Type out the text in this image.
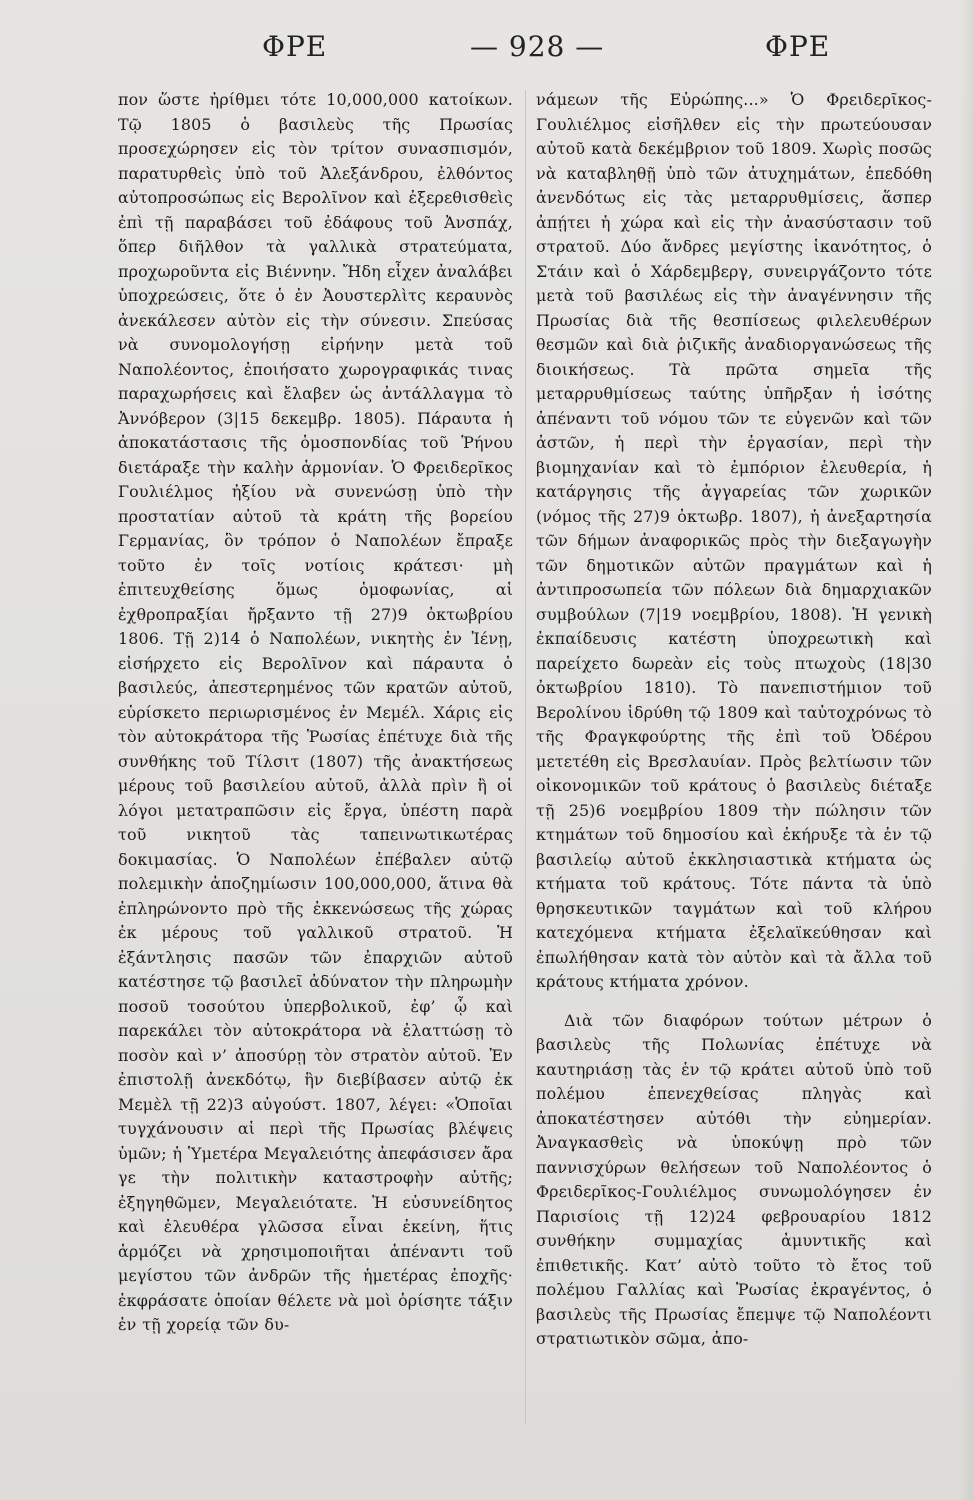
ΦΡΕ	— 928 —	ΦΡΕ

πον ὥστε ἠρίθμει τότε 10,000,000 κατοίκων. Τῷ 1805 ὁ βασιλεὺς τῆς Πρωσίας προσεχώρησεν εἰς τὸν τρίτον συνασπισμόν, παρατυρθεὶς ὑπὸ τοῦ Ἀλεξάνδρου, ἐλθόντος αὐτοπροσώπως εἰς Βερολῖνον καὶ ἐξερεθισθεὶς ἐπὶ τῇ παραβάσει τοῦ ἐδάφους τοῦ Ἀνσπάχ, ὅπερ διῆλθον τὰ γαλλικὰ στρατεύματα, προχωροῦντα εἰς Βιέννην. Ἤδη εἶχεν ἀναλάβει ὑποχρεώσεις, ὅτε ὁ ἐν Ἀουστερλὶτς κεραυνὸς ἀνεκάλεσεν αὐτὸν εἰς τὴν σύνεσιν. Σπεύσας νὰ συνομολογήσῃ εἰρήνην μετὰ τοῦ Ναπολέοντος, ἐποιήσατο χωρογραφικάς τινας παραχωρήσεις καὶ ἔλαβεν ὡς ἀντάλλαγμα τὸ Ἀννόβερον (3|15 δεκεμβρ. 1805). Πάραυτα ἡ ἀποκατάστασις τῆς ὁμοσπονδίας τοῦ Ῥήνου διετάραξε τὴν καλὴν ἁρμονίαν. Ὁ Φρειδερῖκος Γουλιέλμος ἠξίου νὰ συνενώσῃ ὑπὸ τὴν προστατίαν αὐτοῦ τὰ κράτη τῆς βορείου Γερμανίας, ὃν τρόπον ὁ Ναπολέων ἔπραξε τοῦτο ἐν τοῖς νοτίοις κράτεσι· μὴ ἐπιτευχθείσης ὅμως ὁμοφωνίας, αἱ ἐχθροπραξίαι ἤρξαντο τῇ 27)9 ὀκτωβρίου 1806. Τῇ 2)14 ὁ Ναπολέων, νικητὴς ἐν Ἰένῃ, εἰσήρχετο εἰς Βερολῖνον καὶ πάραυτα ὁ βασιλεύς, ἀπεστερημένος τῶν κρατῶν αὐτοῦ, εὑρίσκετο περιωρισμένος ἐν Μεμέλ. Χάρις εἰς τὸν αὐτοκράτορα τῆς Ῥωσίας ἐπέτυχε διὰ τῆς συνθήκης τοῦ Τίλσιτ (1807) τῆς ἀνακτήσεως μέρους τοῦ βασιλείου αὐτοῦ, ἀλλὰ πρὶν ἢ οἱ λόγοι μετατραπῶσιν εἰς ἔργα, ὑπέστη παρὰ τοῦ νικητοῦ τὰς ταπεινωτικωτέρας δοκιμασίας. Ὁ Ναπολέων ἐπέβαλεν αὐτῷ πολεμικὴν ἀποζημίωσιν 100,000,000, ἅτινα θὰ ἐπληρώνοντο πρὸ τῆς ἐκκενώσεως τῆς χώρας ἐκ μέρους τοῦ γαλλικοῦ στρατοῦ. Ἡ ἐξάντλησις πασῶν τῶν ἐπαρχιῶν αὐτοῦ κατέστησε τῷ βασιλεῖ ἀδύνατον τὴν πληρωμὴν ποσοῦ τοσούτου ὑπερβολικοῦ, ἐφ’ ᾧ καὶ παρεκάλει τὸν αὐτοκράτορα νὰ ἐλαττώσῃ τὸ ποσὸν καὶ ν’ ἀποσύρῃ τὸν στρατὸν αὐτοῦ. Ἐν ἐπιστολῇ ἀνεκδότῳ, ἣν διεβίβασεν αὐτῷ ἐκ Μεμὲλ τῇ 22)3 αὐγούστ. 1807, λέγει: «Ὁποῖαι τυγχάνουσιν αἱ περὶ τῆς Πρωσίας βλέψεις ὑμῶν; ἡ Ὑμετέρα Μεγαλειότης ἀπεφάσισεν ἄρα γε τὴν πολιτικὴν καταστροφὴν αὐτῆς; ἐξηγηθῶμεν, Μεγαλειότατε. Ἡ εὐσυνείδητος καὶ ἐλευθέρα γλῶσσα εἶναι ἐκείνη, ἥτις ἁρμόζει νὰ χρησιμοποιῆται ἀπέναντι τοῦ μεγίστου τῶν ἀνδρῶν τῆς ἡμετέρας ἐποχῆς· ἐκφράσατε ὁποίαν θέλετε νὰ μοὶ ὁρίσητε τάξιν ἐν τῇ χορείᾳ τῶν δυ-

νάμεων τῆς Εὐρώπης...» Ὁ Φρειδερῖκος-Γουλιέλμος εἰσῆλθεν εἰς τὴν πρωτεύουσαν αὐτοῦ κατὰ δεκέμβριον τοῦ 1809. Χωρὶς ποσῶς νὰ καταβληθῇ ὑπὸ τῶν ἀτυχημάτων, ἐπεδόθη ἀνενδότως εἰς τὰς μεταρρυθμίσεις, ἅσπερ ἀπῄτει ἡ χώρα καὶ εἰς τὴν ἀνασύστασιν τοῦ στρατοῦ. Δύο ἄνδρες μεγίστης ἱκανότητος, ὁ Στάιν καὶ ὁ Χάρδεμβεργ, συνειργάζοντο τότε μετὰ τοῦ βασιλέως εἰς τὴν ἀναγέννησιν τῆς Πρωσίας διὰ τῆς θεσπίσεως φιλελευθέρων θεσμῶν καὶ διὰ ῥιζικῆς ἀναδιοργανώσεως τῆς διοικήσεως. Τὰ πρῶτα σημεῖα τῆς μεταρρυθμίσεως ταύτης ὑπῆρξαν ἡ ἰσότης ἀπέναντι τοῦ νόμου τῶν τε εὐγενῶν καὶ τῶν ἀστῶν, ἡ περὶ τὴν ἐργασίαν, περὶ τὴν βιομηχανίαν καὶ τὸ ἐμπόριον ἐλευθερία, ἡ κατάργησις τῆς ἀγγαρείας τῶν χωρικῶν (νόμος τῆς 27)9 ὀκτωβρ. 1807), ἡ ἀνεξαρτησία τῶν δήμων ἀναφορικῶς πρὸς τὴν διεξαγωγὴν τῶν δημοτικῶν αὐτῶν πραγμάτων καὶ ἡ ἀντιπροσωπεία τῶν πόλεων διὰ δημαρχιακῶν συμβούλων (7|19 νοεμβρίου, 1808). Ἡ γενικὴ ἐκπαίδευσις κατέστη ὑποχρεωτικὴ καὶ παρείχετο δωρεὰν εἰς τοὺς πτωχοὺς (18|30 ὀκτωβρίου 1810). Τὸ πανεπιστήμιον τοῦ Βερολίνου ἱδρύθη τῷ 1809 καὶ ταὐτοχρόνως τὸ τῆς Φραγκφούρτης τῆς ἐπὶ τοῦ Ὀδέρου μετετέθη εἰς Βρεσλαυίαν. Πρὸς βελτίωσιν τῶν οἰκονομικῶν τοῦ κράτους ὁ βασιλεὺς διέταξε τῇ 25)6 νοεμβρίου 1809 τὴν πώλησιν τῶν κτημάτων τοῦ δημοσίου καὶ ἐκήρυξε τὰ ἐν τῷ βασιλείῳ αὐτοῦ ἐκκλησιαστικὰ κτήματα ὡς κτήματα τοῦ κράτους. Τότε πάντα τὰ ὑπὸ θρησκευτικῶν ταγμάτων καὶ τοῦ κλήρου κατεχόμενα κτήματα ἐξελαϊκεύθησαν καὶ ἐπωλήθησαν κατὰ τὸν αὐτὸν καὶ τὰ ἄλλα τοῦ κράτους κτήματα χρόνον.

Διὰ τῶν διαφόρων τούτων μέτρων ὁ βασιλεὺς τῆς Πολωνίας ἐπέτυχε νὰ καυτηριάσῃ τὰς ἐν τῷ κράτει αὐτοῦ ὑπὸ τοῦ πολέμου ἐπενεχθείσας πληγὰς καὶ ἀποκατέστησεν αὐτόθι τὴν εὐημερίαν. Ἀναγκασθεὶς νὰ ὑποκύψῃ πρὸ τῶν παννισχύρων θελήσεων τοῦ Ναπολέοντος ὁ Φρειδερῖκος-Γουλιέλμος συνωμολόγησεν ἐν Παρισίοις τῇ 12)24 φεβρουαρίου 1812 συνθήκην συμμαχίας ἀμυντικῆς καὶ ἐπιθετικῆς. Κατ’ αὐτὸ τοῦτο τὸ ἔτος τοῦ πολέμου Γαλλίας καὶ Ῥωσίας ἐκραγέντος, ὁ βασιλεὺς τῆς Πρωσίας ἔπεμψε τῷ Ναπολέοντι στρατιωτικὸν σῶμα, ἀπο-
